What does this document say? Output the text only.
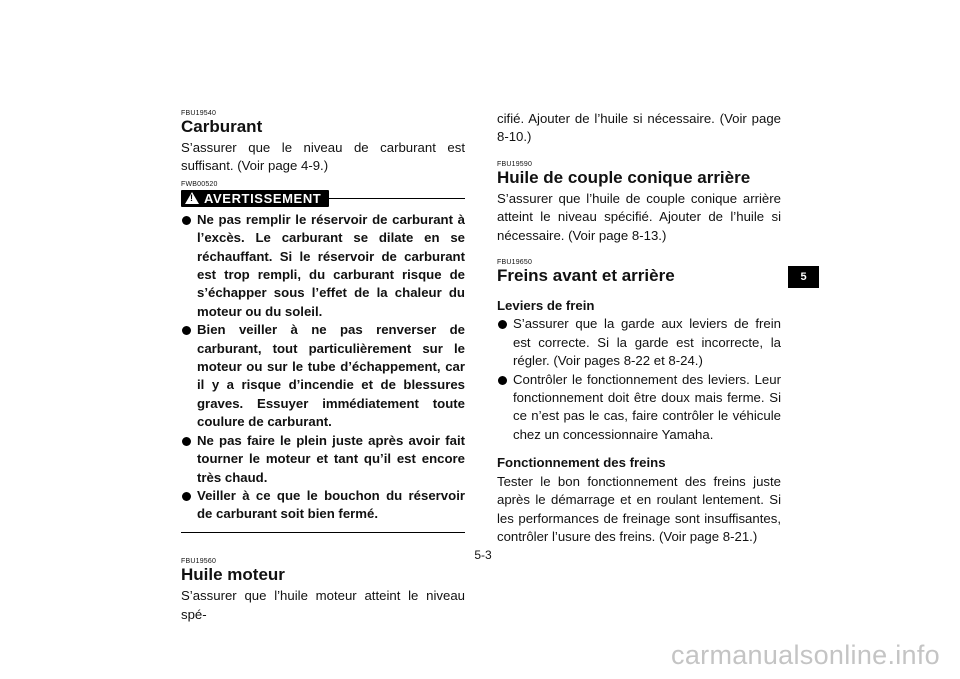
FBU19540

Carburant

S’assurer que le niveau de carburant est suffisant. (Voir page 4-9.)

FWB00520

!
AVERTISSEMENT
Ne pas remplir le réservoir de carburant à l’excès. Le carburant se dilate en se réchauffant. Si le réservoir de carburant est trop rempli, du carburant risque de s’échapper sous l’effet de la chaleur du moteur ou du soleil.
Bien veiller à ne pas renverser de carburant, tout particulièrement sur le moteur ou sur le tube d’échappement, car il y a risque d’incendie et de blessures graves. Essuyer immédiatement toute coulure de carburant.
Ne pas faire le plein juste après avoir fait tourner le moteur et tant qu’il est encore très chaud.
Veiller à ce que le bouchon du réservoir de carburant soit bien fermé.

FBU19560

Huile moteur

S’assurer que l’huile moteur atteint le niveau spé-

cifié. Ajouter de l’huile si nécessaire. (Voir page 8-10.)

FBU19590

Huile de couple conique arrière

S’assurer que l’huile de couple conique arrière atteint le niveau spécifié. Ajouter de l’huile si nécessaire. (Voir page 8-13.)

FBU19650

Freins avant et arrière

Leviers de frein

S’assurer que la garde aux leviers de frein est correcte. Si la garde est incorrecte, la régler. (Voir pages 8-22 et 8-24.)
Contrôler le fonctionnement des leviers. Leur fonctionnement doit être doux mais ferme. Si ce n’est pas le cas, faire contrôler le véhicule chez un concessionnaire Yamaha.

Fonctionnement des freins

Tester le bon fonctionnement des freins juste après le démarrage et en roulant lentement. Si les performances de freinage sont insuffisantes, contrôler l’usure des freins. (Voir page 8-21.)

5-3
5
carmanualsonline.info
